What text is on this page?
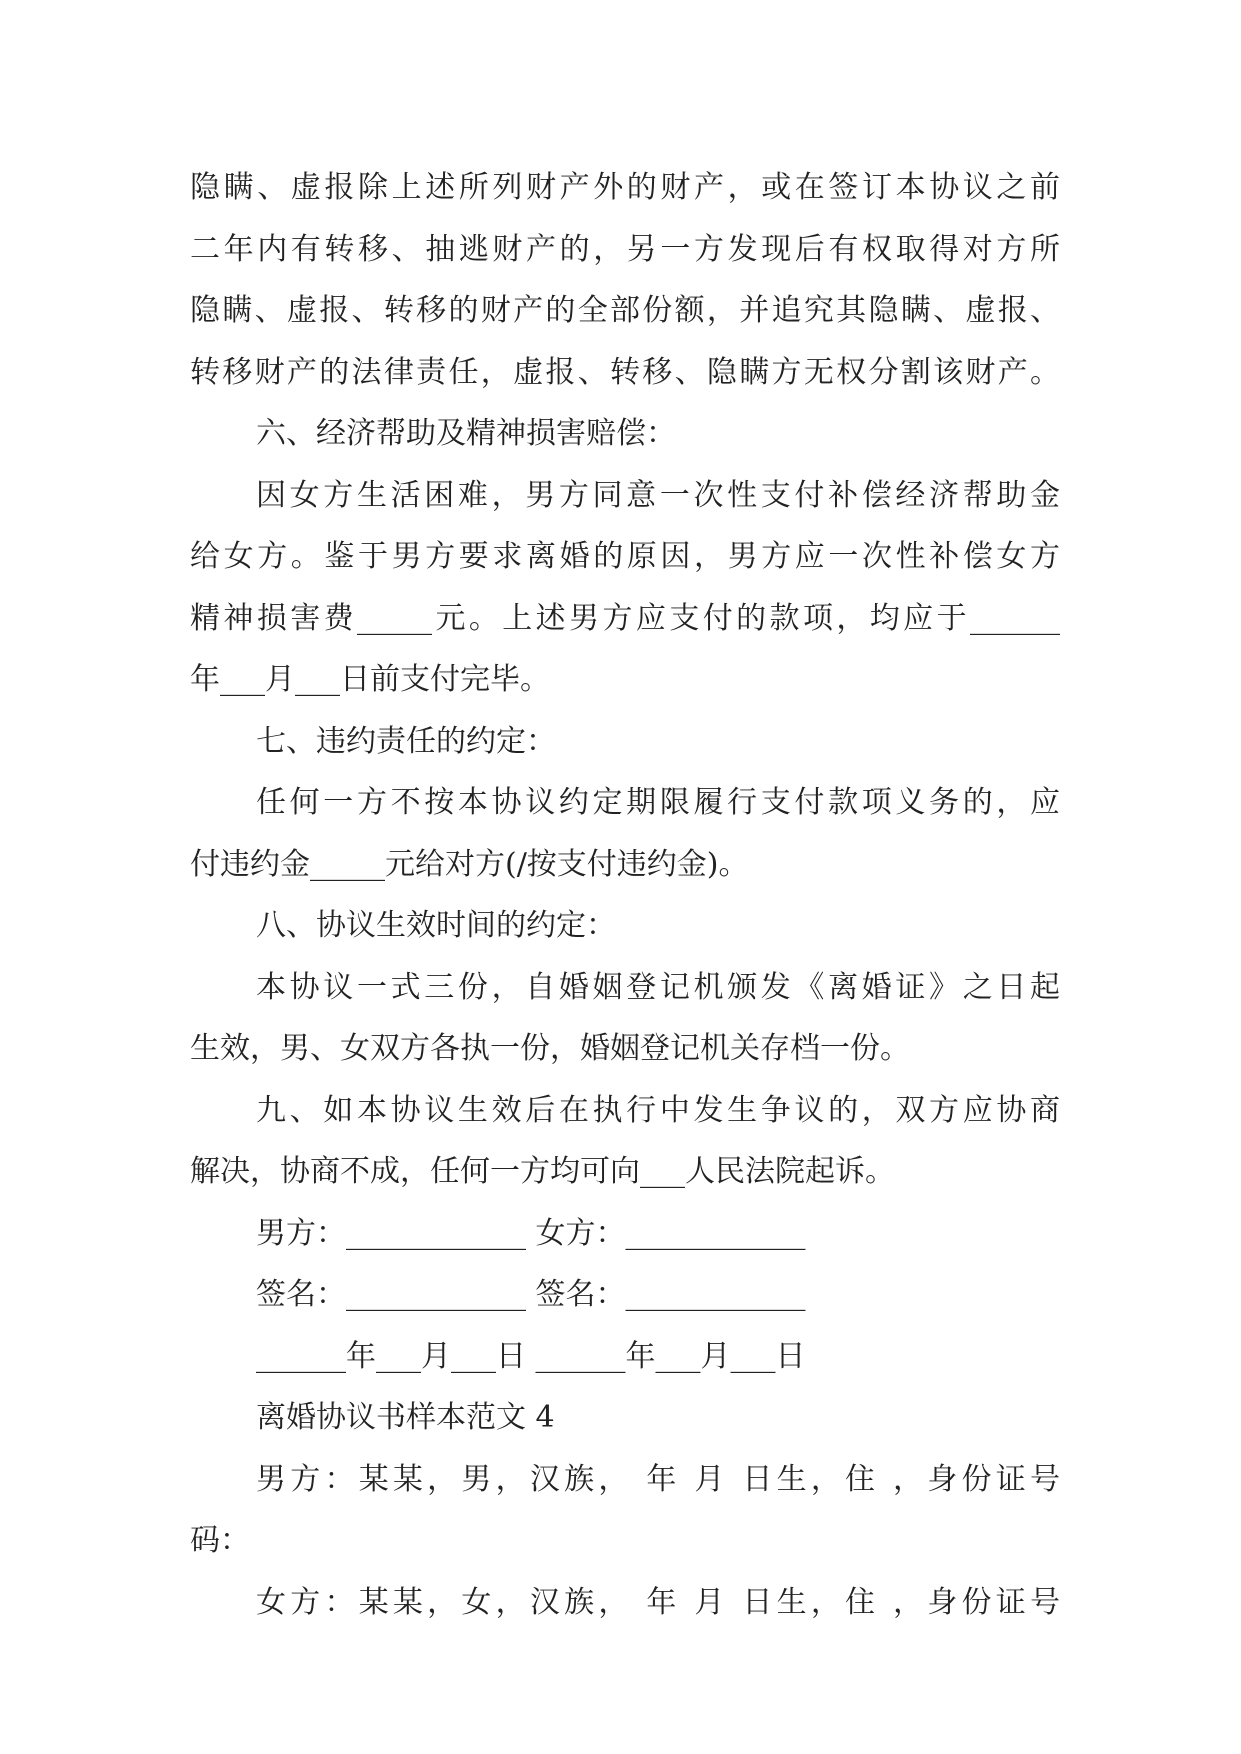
隐瞒、虚报除上述所列财产外的财产，或在签订本协议之前
二年内有转移、抽逃财产的，另一方发现后有权取得对方所
隐瞒、虚报、转移的财产的全部份额，并追究其隐瞒、虚报、
转移财产的法律责任，虚报、转移、隐瞒方无权分割该财产。
六、经济帮助及精神损害赔偿：
因女方生活困难，男方同意一次性支付补偿经济帮助金
给女方。鉴于男方要求离婚的原因，男方应一次性补偿女方
精神损害费_____元。上述男方应支付的款项，均应于______
年___月___日前支付完毕。
七、违约责任的约定：
任何一方不按本协议约定期限履行支付款项义务的，应
付违约金_____元给对方(/按支付违约金)。
八、协议生效时间的约定：
本协议一式三份，自婚姻登记机颁发《离婚证》之日起
生效，男、女双方各执一份，婚姻登记机关存档一份。
九、如本协议生效后在执行中发生争议的，双方应协商
解决，协商不成，任何一方均可向___人民法院起诉。
男方：____________ 女方：____________
签名：____________ 签名：____________
______年___月___日 ______年___月___日
离婚协议书样本范文 4
男方：某某，男，汉族， 年 月 日生，住 ，身份证号
码：
女方：某某，女，汉族， 年 月 日生，住 ，身份证号
